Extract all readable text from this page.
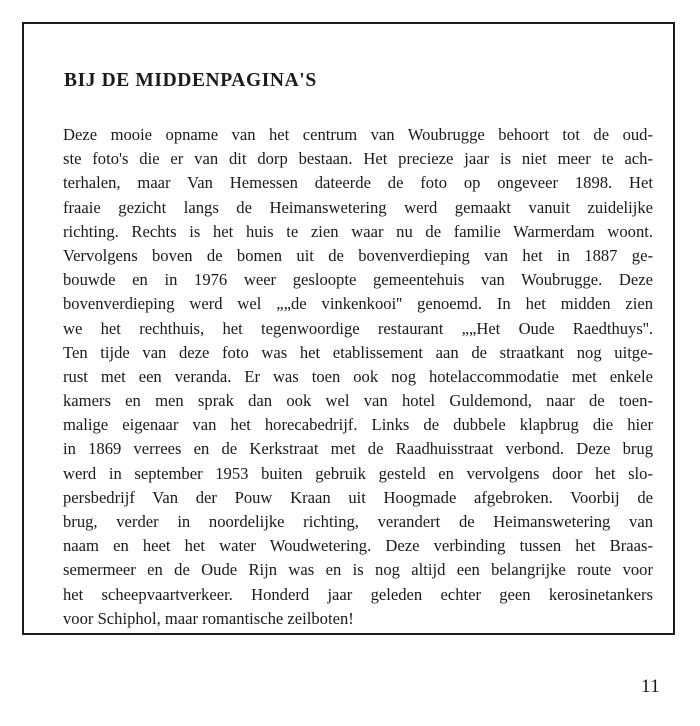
BIJ DE MIDDENPAGINA'S
Deze mooie opname van het centrum van Woubrugge behoort tot de oud-
ste foto's die er van dit dorp bestaan. Het precieze jaar is niet meer te ach-
terhalen, maar Van Hemessen dateerde de foto op ongeveer 1898. Het
fraaie gezicht langs de Heimanswetering werd gemaakt vanuit zuidelijke
richting. Rechts is het huis te zien waar nu de familie Warmerdam woont.
Vervolgens boven de bomen uit de bovenverdieping van het in 1887 ge-
bouwde en in 1976 weer gesloopte gemeentehuis van Woubrugge. Deze
bovenverdieping werd wel „„de vinkenkooi'' genoemd. In het midden zien
we het rechthuis, het tegenwoordige restaurant „„Het Oude Raedthuys''.
Ten tijde van deze foto was het etablissement aan de straatkant nog uitge-
rust met een veranda. Er was toen ook nog hotelaccommodatie met enkele
kamers en men sprak dan ook wel van hotel Guldemond, naar de toen-
malige eigenaar van het horecabedrijf. Links de dubbele klapbrug die hier
in 1869 verrees en de Kerkstraat met de Raadhuisstraat verbond. Deze brug
werd in september 1953 buiten gebruik gesteld en vervolgens door het slo-
persbedrijf Van der Pouw Kraan uit Hoogmade afgebroken. Voorbij de
brug, verder in noordelijke richting, verandert de Heimanswetering van
naam en heet het water Woudwetering. Deze verbinding tussen het Braas-
semermeer en de Oude Rijn was en is nog altijd een belangrijke route voor
het scheepvaartverkeer. Honderd jaar geleden echter geen kerosinetankers
voor Schiphol, maar romantische zeilboten!
11
